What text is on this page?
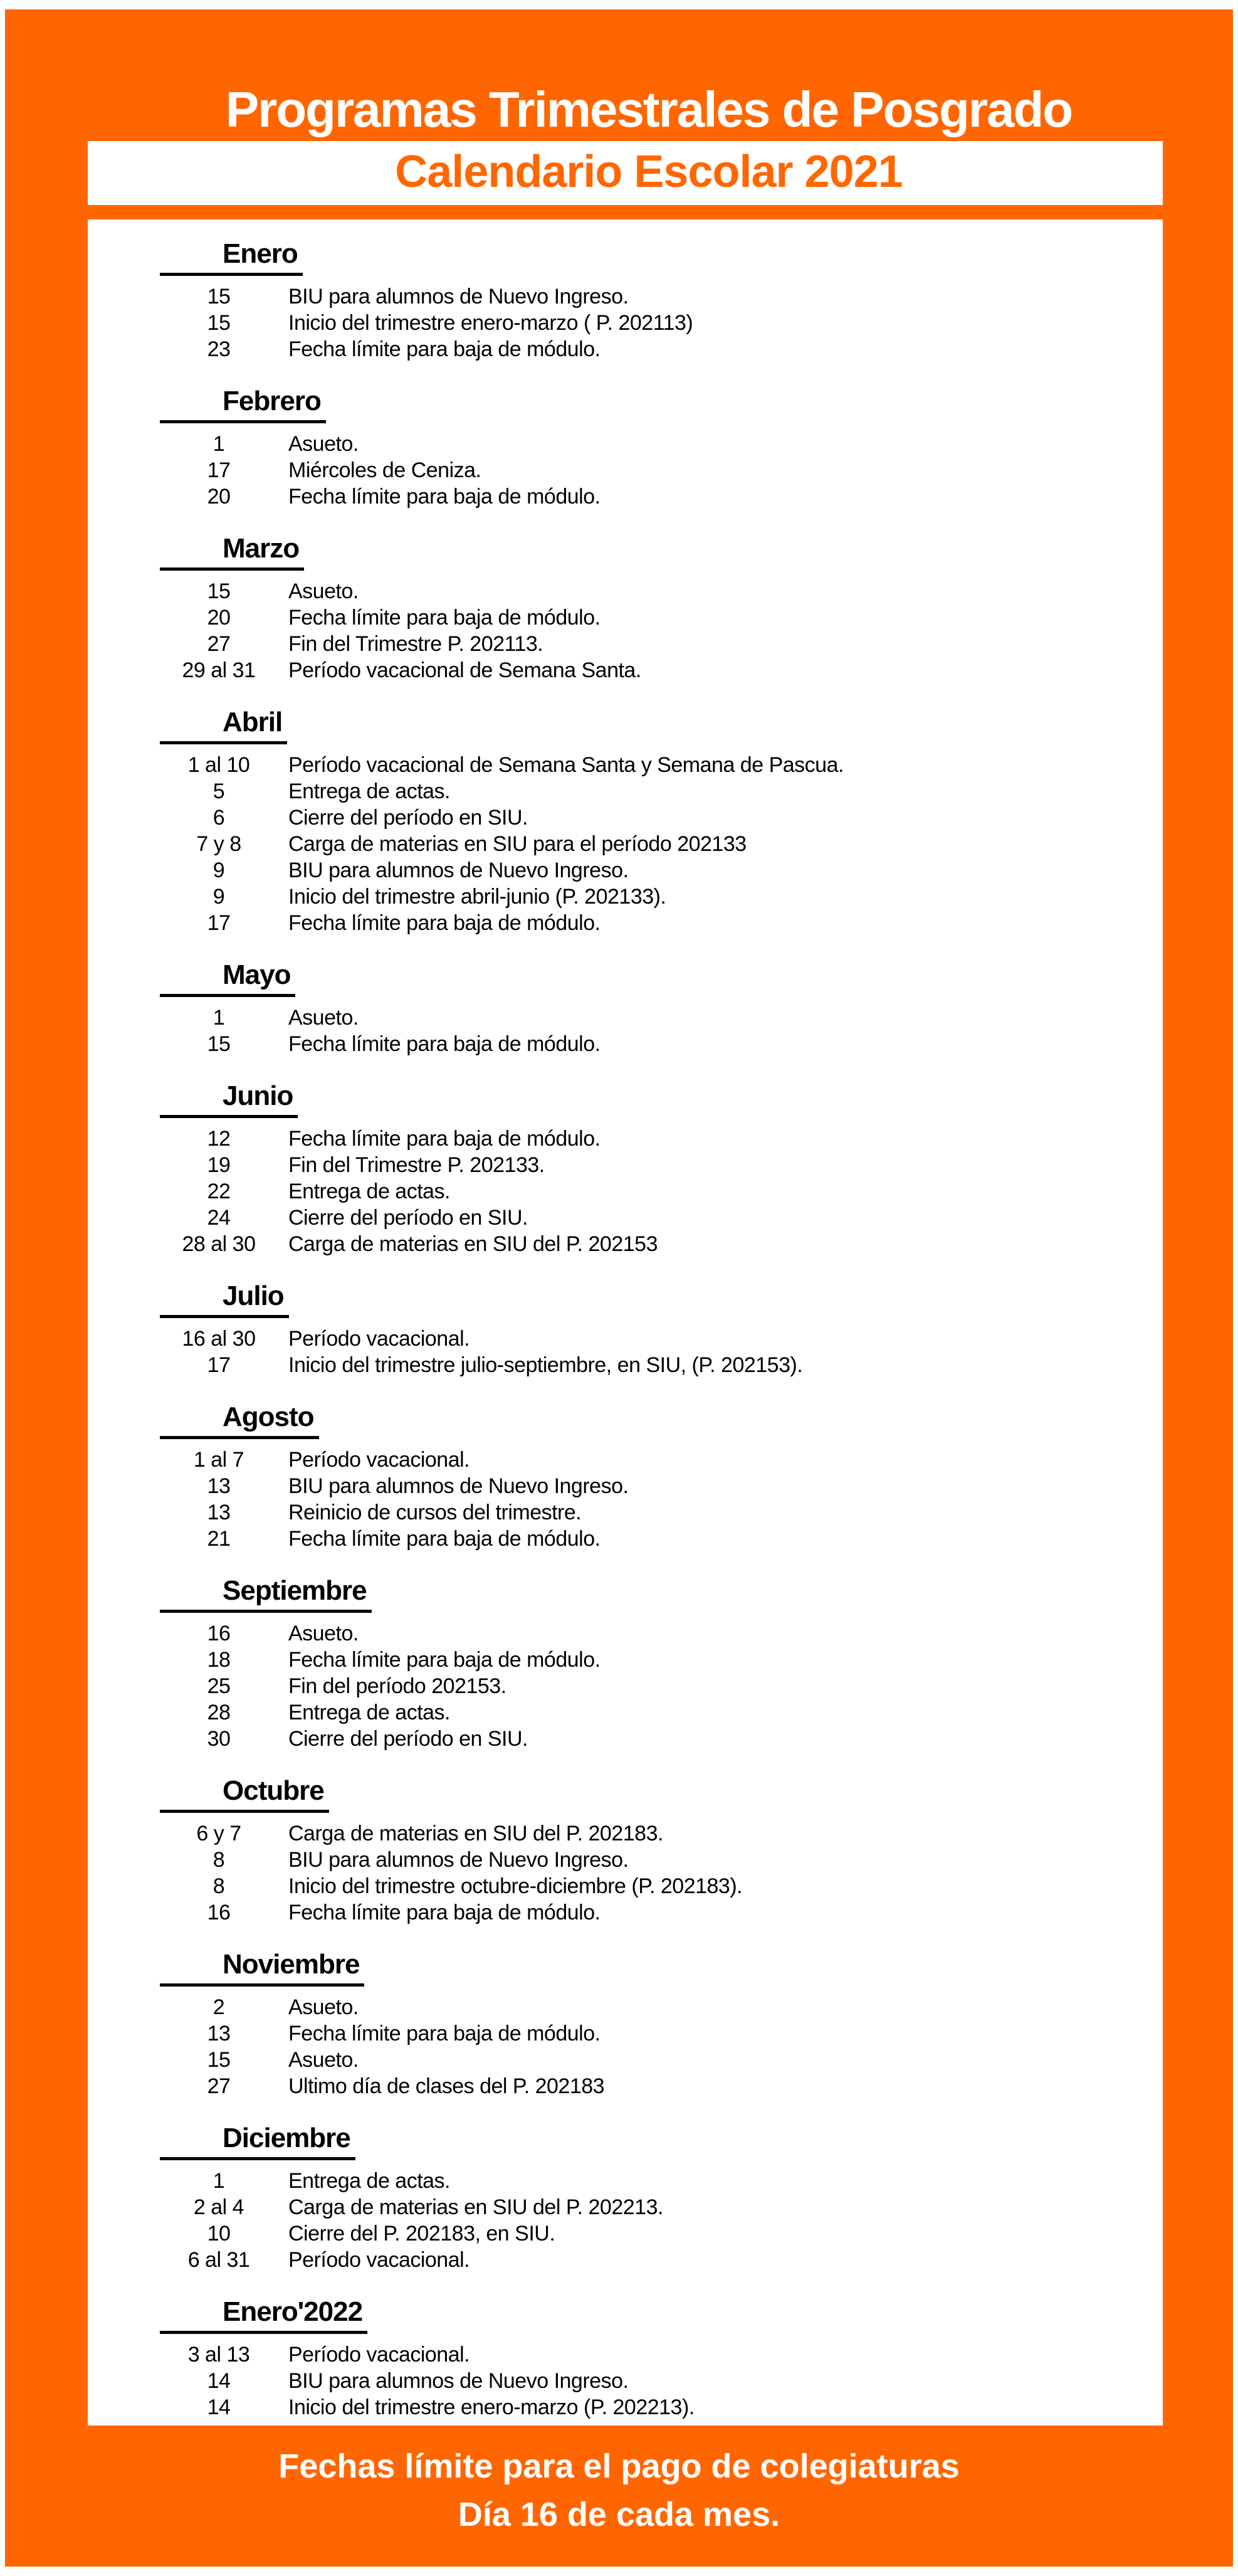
Programas Trimestrales de Posgrado
Calendario Escolar 2021
Enero
15	BIU para alumnos de Nuevo Ingreso.
15	Inicio del trimestre enero-marzo ( P. 202113)
23	Fecha límite para baja de módulo.
Febrero
1	Asueto.
17	Miércoles de Ceniza.
20	Fecha límite para baja de módulo.
Marzo
15	Asueto.
20	Fecha límite para baja de módulo.
27	Fin del Trimestre P. 202113.
29 al 31	Período vacacional de Semana Santa.
Abril
1 al 10	Período vacacional de Semana Santa y Semana de Pascua.
5	Entrega de actas.
6	Cierre del período en SIU.
7 y 8	Carga de materias en SIU para el período 202133
9	BIU para alumnos de Nuevo Ingreso.
9	Inicio del trimestre abril-junio (P. 202133).
17	Fecha límite para baja de módulo.
Mayo
1	Asueto.
15	Fecha límite para baja de módulo.
Junio
12	Fecha límite para baja de módulo.
19	Fin del Trimestre P. 202133.
22	Entrega de actas.
24	Cierre del período en SIU.
28 al 30	Carga de materias en SIU del P. 202153
Julio
16 al 30	Período vacacional.
17	Inicio del trimestre julio-septiembre, en SIU, (P. 202153).
Agosto
1 al 7	Período vacacional.
13	BIU para alumnos de Nuevo Ingreso.
13	Reinicio de cursos del trimestre.
21	Fecha límite para baja de módulo.
Septiembre
16	Asueto.
18	Fecha límite para baja de módulo.
25	Fin del período 202153.
28	Entrega de actas.
30	Cierre del período en SIU.
Octubre
6 y 7	Carga de materias en SIU del P. 202183.
8	BIU para alumnos de Nuevo Ingreso.
8	Inicio del trimestre octubre-diciembre (P. 202183).
16	Fecha límite para baja de módulo.
Noviembre
2	Asueto.
13	Fecha límite para baja de módulo.
15	Asueto.
27	Ultimo día de clases del P. 202183
Diciembre
1	Entrega de actas.
2 al 4	Carga de materias en SIU del P. 202213.
10	Cierre del P. 202183, en SIU.
6 al 31	Período vacacional.
Enero'2022
3 al 13	Período vacacional.
14	BIU para alumnos de Nuevo Ingreso.
14	Inicio del trimestre enero-marzo (P. 202213).
Fechas límite para el pago de colegiaturas
Día 16 de cada mes.
